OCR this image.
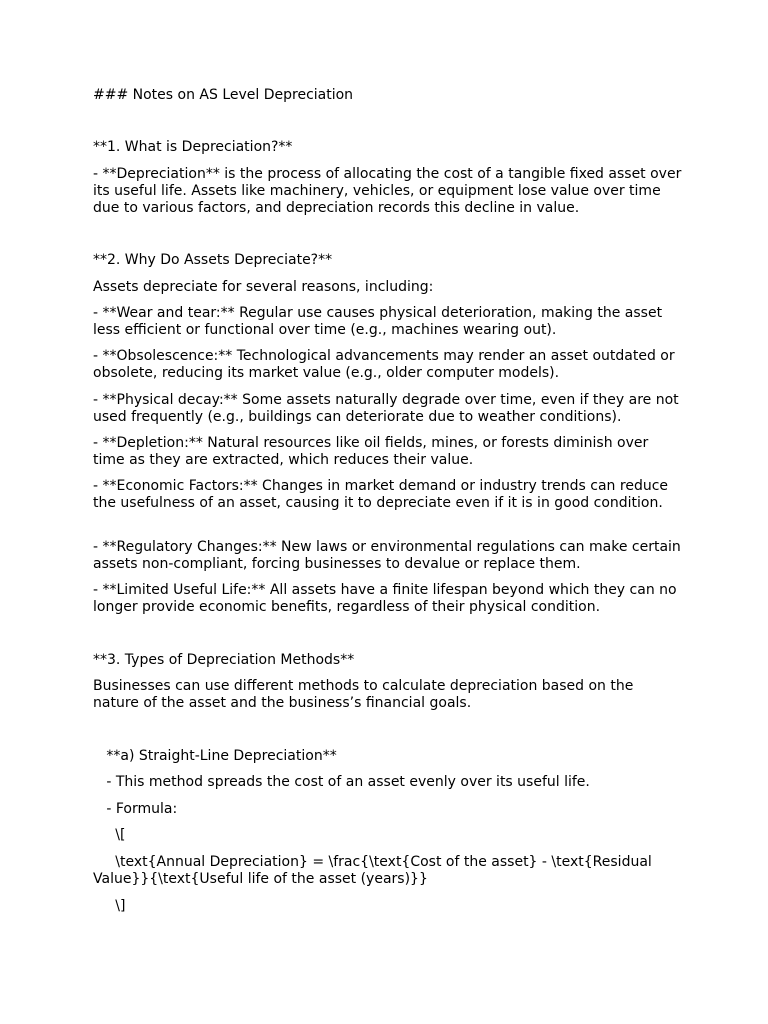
### Notes on AS Level Depreciation

**1. What is Depreciation?**

- **Depreciation** is the process of allocating the cost of a tangible fixed asset over its useful life. Assets like machinery, vehicles, or equipment lose value over time due to various factors, and depreciation records this decline in value.

**2. Why Do Assets Depreciate?**

Assets depreciate for several reasons, including:

- **Wear and tear:** Regular use causes physical deterioration, making the asset less efficient or functional over time (e.g., machines wearing out).

- **Obsolescence:** Technological advancements may render an asset outdated or obsolete, reducing its market value (e.g., older computer models).

- **Physical decay:** Some assets naturally degrade over time, even if they are not used frequently (e.g., buildings can deteriorate due to weather conditions).

- **Depletion:** Natural resources like oil fields, mines, or forests diminish over time as they are extracted, which reduces their value.

- **Economic Factors:** Changes in market demand or industry trends can reduce the usefulness of an asset, causing it to depreciate even if it is in good condition.

- **Regulatory Changes:** New laws or environmental regulations can make certain assets non-compliant, forcing businesses to devalue or replace them.

- **Limited Useful Life:** All assets have a finite lifespan beyond which they can no longer provide economic benefits, regardless of their physical condition.

**3. Types of Depreciation Methods**

Businesses can use different methods to calculate depreciation based on the nature of the asset and the business’s financial goals.

**a) Straight-Line Depreciation**

- This method spreads the cost of an asset evenly over its useful life.

- Formula:

\[

\text{Annual Depreciation} = \frac{\text{Cost of the asset} - \text{Residual Value}}{\text{Useful life of the asset (years)}}

\]
